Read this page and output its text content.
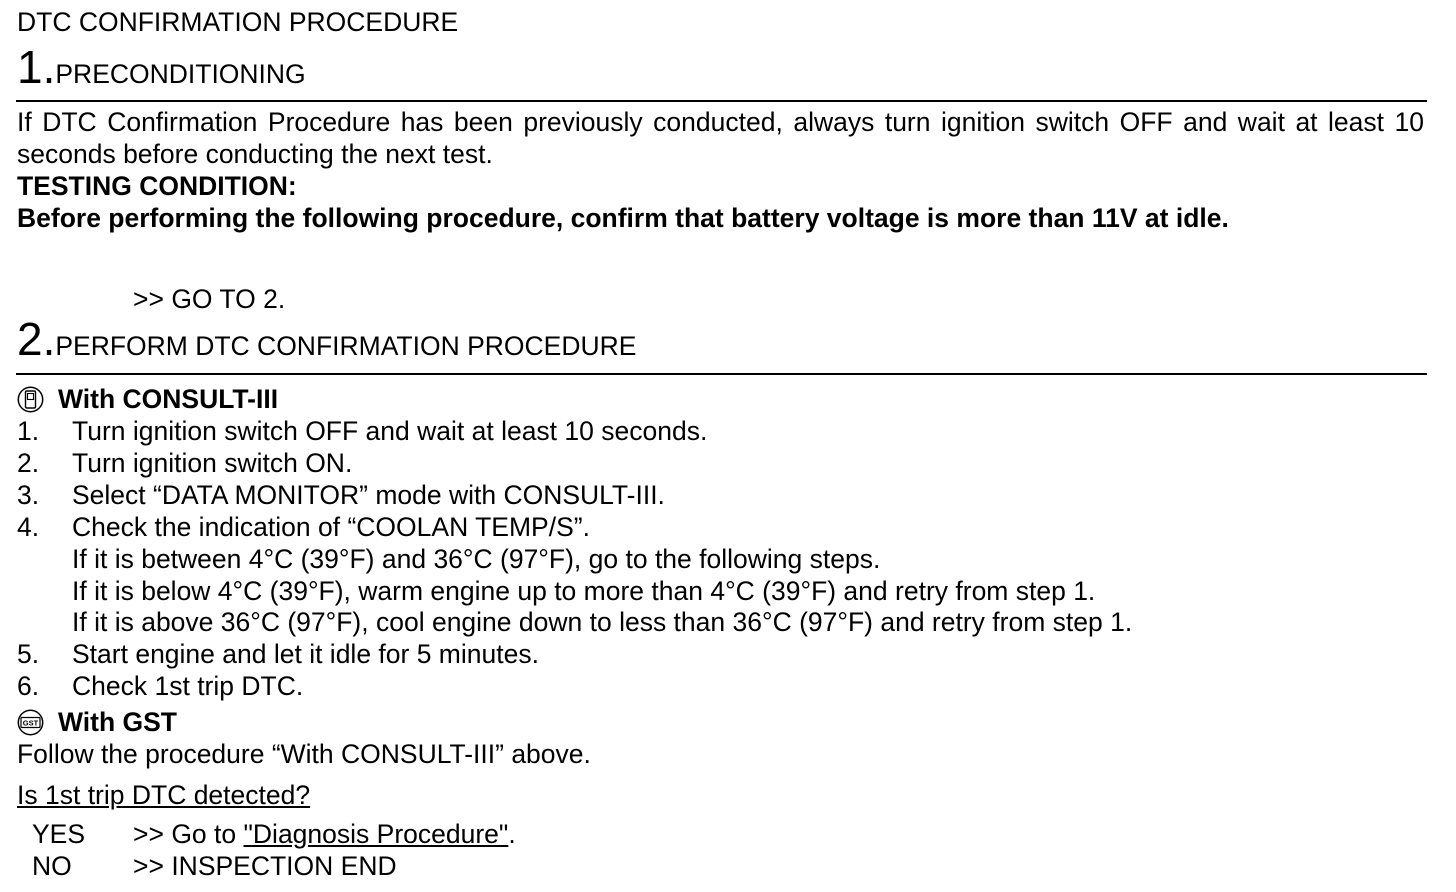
DTC CONFIRMATION PROCEDURE
1.PRECONDITIONING
If DTC Confirmation Procedure has been previously conducted, always turn ignition switch OFF and wait at least 10 seconds before conducting the next test.
TESTING CONDITION:
Before performing the following procedure, confirm that battery voltage is more than 11V at idle.
>> GO TO 2.
2.PERFORM DTC CONFIRMATION PROCEDURE
With CONSULT-III
1. Turn ignition switch OFF and wait at least 10 seconds.
2. Turn ignition switch ON.
3. Select “DATA MONITOR” mode with CONSULT-III.
4. Check the indication of “COOLAN TEMP/S”.
If it is between 4°C (39°F) and 36°C (97°F), go to the following steps.
If it is below 4°C (39°F), warm engine up to more than 4°C (39°F) and retry from step 1.
If it is above 36°C (97°F), cool engine down to less than 36°C (97°F) and retry from step 1.
5. Start engine and let it idle for 5 minutes.
6. Check 1st trip DTC.
GST With GST
Follow the procedure “With CONSULT-III” above.
Is 1st trip DTC detected?
YES >> Go to "Diagnosis Procedure".
NO >> INSPECTION END
